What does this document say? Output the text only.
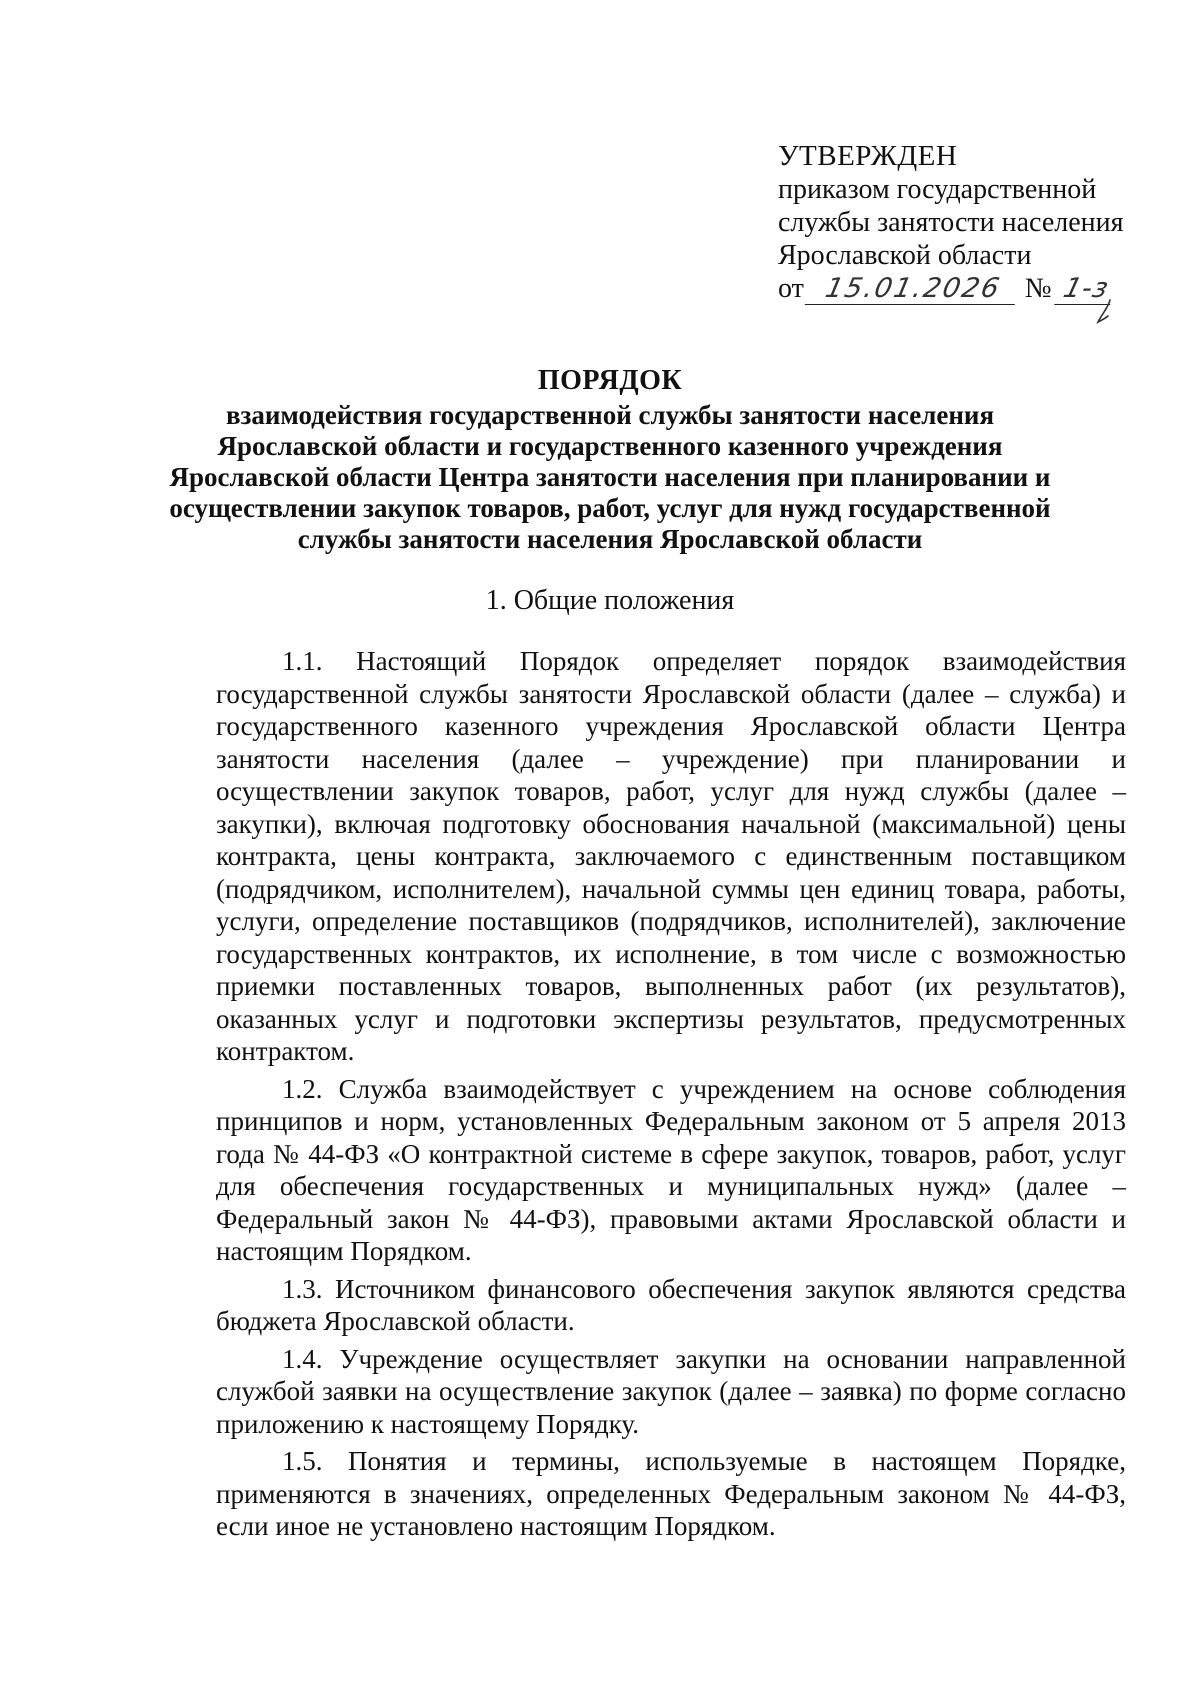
УТВЕРЖДЕН
приказом государственной
службы занятости населения
Ярославской области
от 15.01.2026 № 1-з
ПОРЯДОК
взаимодействия государственной службы занятости населения
Ярославской области и государственного казенного учреждения
Ярославской области Центра занятости населения при планировании и
осуществлении закупок товаров, работ, услуг для нужд государственной
службы занятости населения Ярославской области
1. Общие положения

1.1. Настоящий Порядок определяет порядок взаимодействия государственной службы занятости Ярославской области (далее – служба) и государственного казенного учреждения Ярославской области Центра занятости населения (далее – учреждение) при планировании и осуществлении закупок товаров, работ, услуг для нужд службы (далее – закупки), включая подготовку обоснования начальной (максимальной) цены контракта, цены контракта, заключаемого с единственным поставщиком (подрядчиком, исполнителем), начальной суммы цен единиц товара, работы, услуги, определение поставщиков (подрядчиков, исполнителей), заключение государственных контрактов, их исполнение, в том числе с возможностью приемки поставленных товаров, выполненных работ (их результатов), оказанных услуг и подготовки экспертизы результатов, предусмотренных контрактом.

1.2. Служба взаимодействует с учреждением на основе соблюдения принципов и норм, установленных Федеральным законом от 5 апреля 2013 года № 44-ФЗ «О контрактной системе в сфере закупок, товаров, работ, услуг для обеспечения государственных и муниципальных нужд» (далее – Федеральный закон № 44-ФЗ), правовыми актами Ярославской области и настоящим Порядком.

1.3. Источником финансового обеспечения закупок являются средства бюджета Ярославской области.

1.4. Учреждение осуществляет закупки на основании направленной службой заявки на осуществление закупок (далее – заявка) по форме согласно приложению к настоящему Порядку.

1.5. Понятия и термины, используемые в настоящем Порядке, применяются в значениях, определенных Федеральным законом № 44-ФЗ, если иное не установлено настоящим Порядком.
